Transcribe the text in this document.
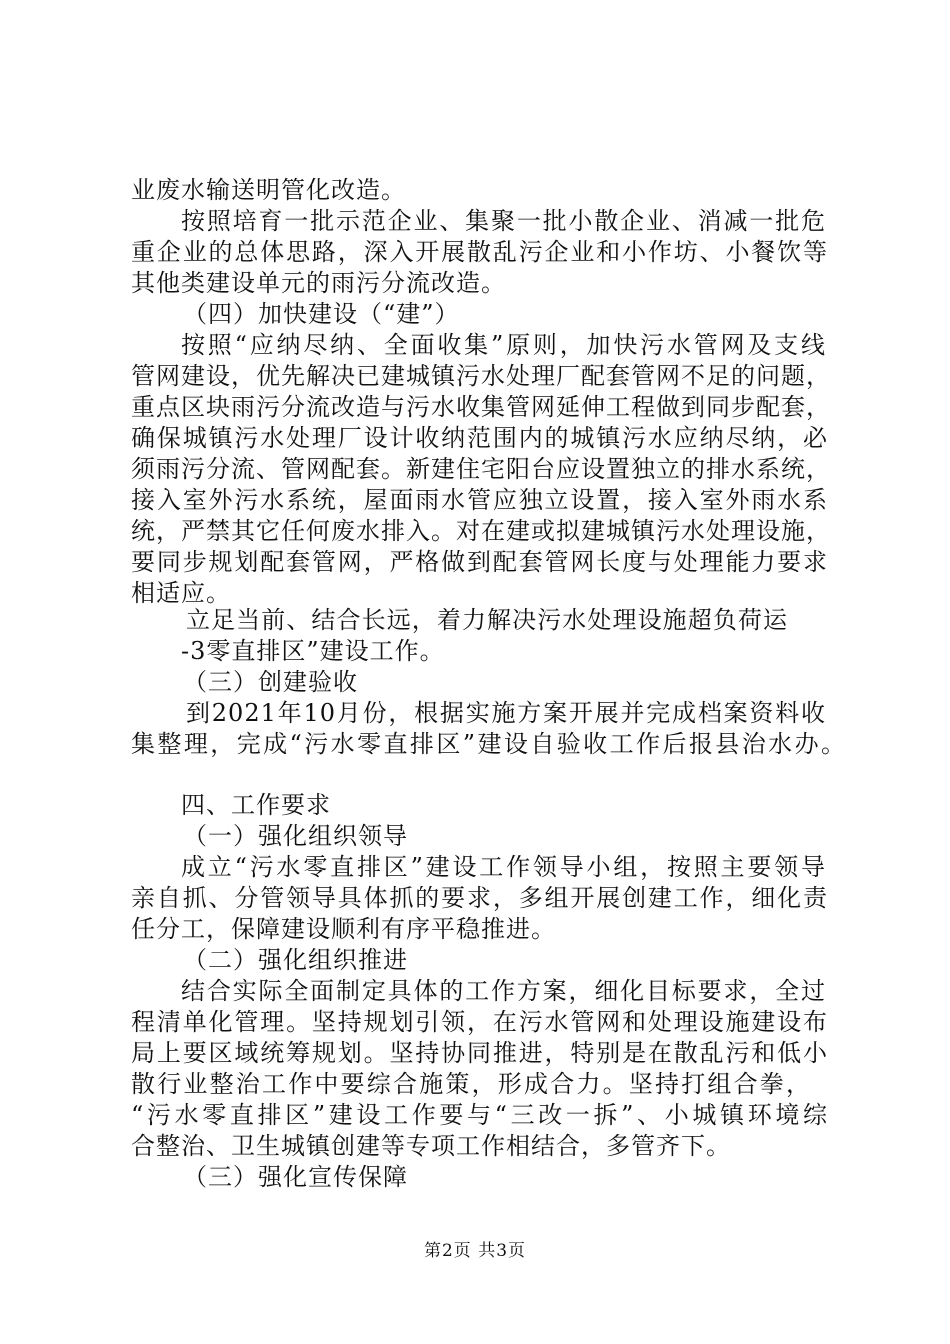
业废水输送明管化改造。
按照培育一批示范企业、集聚一批小散企业、消减一批危
重企业的总体思路，深入开展散乱污企业和小作坊、小餐饮等
其他类建设单元的雨污分流改造。
（四）加快建设（“建”）
按照“应纳尽纳、全面收集”原则，加快污水管网及支线
管网建设，优先解决已建城镇污水处理厂配套管网不足的问题，
重点区块雨污分流改造与污水收集管网延伸工程做到同步配套，
确保城镇污水处理厂设计收纳范围内的城镇污水应纳尽纳，必
须雨污分流、管网配套。新建住宅阳台应设置独立的排水系统，
接入室外污水系统，屋面雨水管应独立设置，接入室外雨水系
统，严禁其它任何废水排入。对在建或拟建城镇污水处理设施，
要同步规划配套管网，严格做到配套管网长度与处理能力要求
相适应。
立足当前、结合长远，着力解决污水处理设施超负荷运
-3零直排区”建设工作。
（三）创建验收
到2021年10月份，根据实施方案开展并完成档案资料收
集整理，完成“污水零直排区”建设自验收工作后报县治水办。
四、工作要求
（一）强化组织领导
成立“污水零直排区”建设工作领导小组，按照主要领导
亲自抓、分管领导具体抓的要求，多组开展创建工作，细化责
任分工，保障建设顺利有序平稳推进。
（二）强化组织推进
结合实际全面制定具体的工作方案，细化目标要求，全过
程清单化管理。坚持规划引领，在污水管网和处理设施建设布
局上要区域统筹规划。坚持协同推进，特别是在散乱污和低小
散行业整治工作中要综合施策，形成合力。坚持打组合拳，
“污水零直排区”建设工作要与“三改一拆”、小城镇环境综
合整治、卫生城镇创建等专项工作相结合，多管齐下。
（三）强化宣传保障
第2页 共3页
